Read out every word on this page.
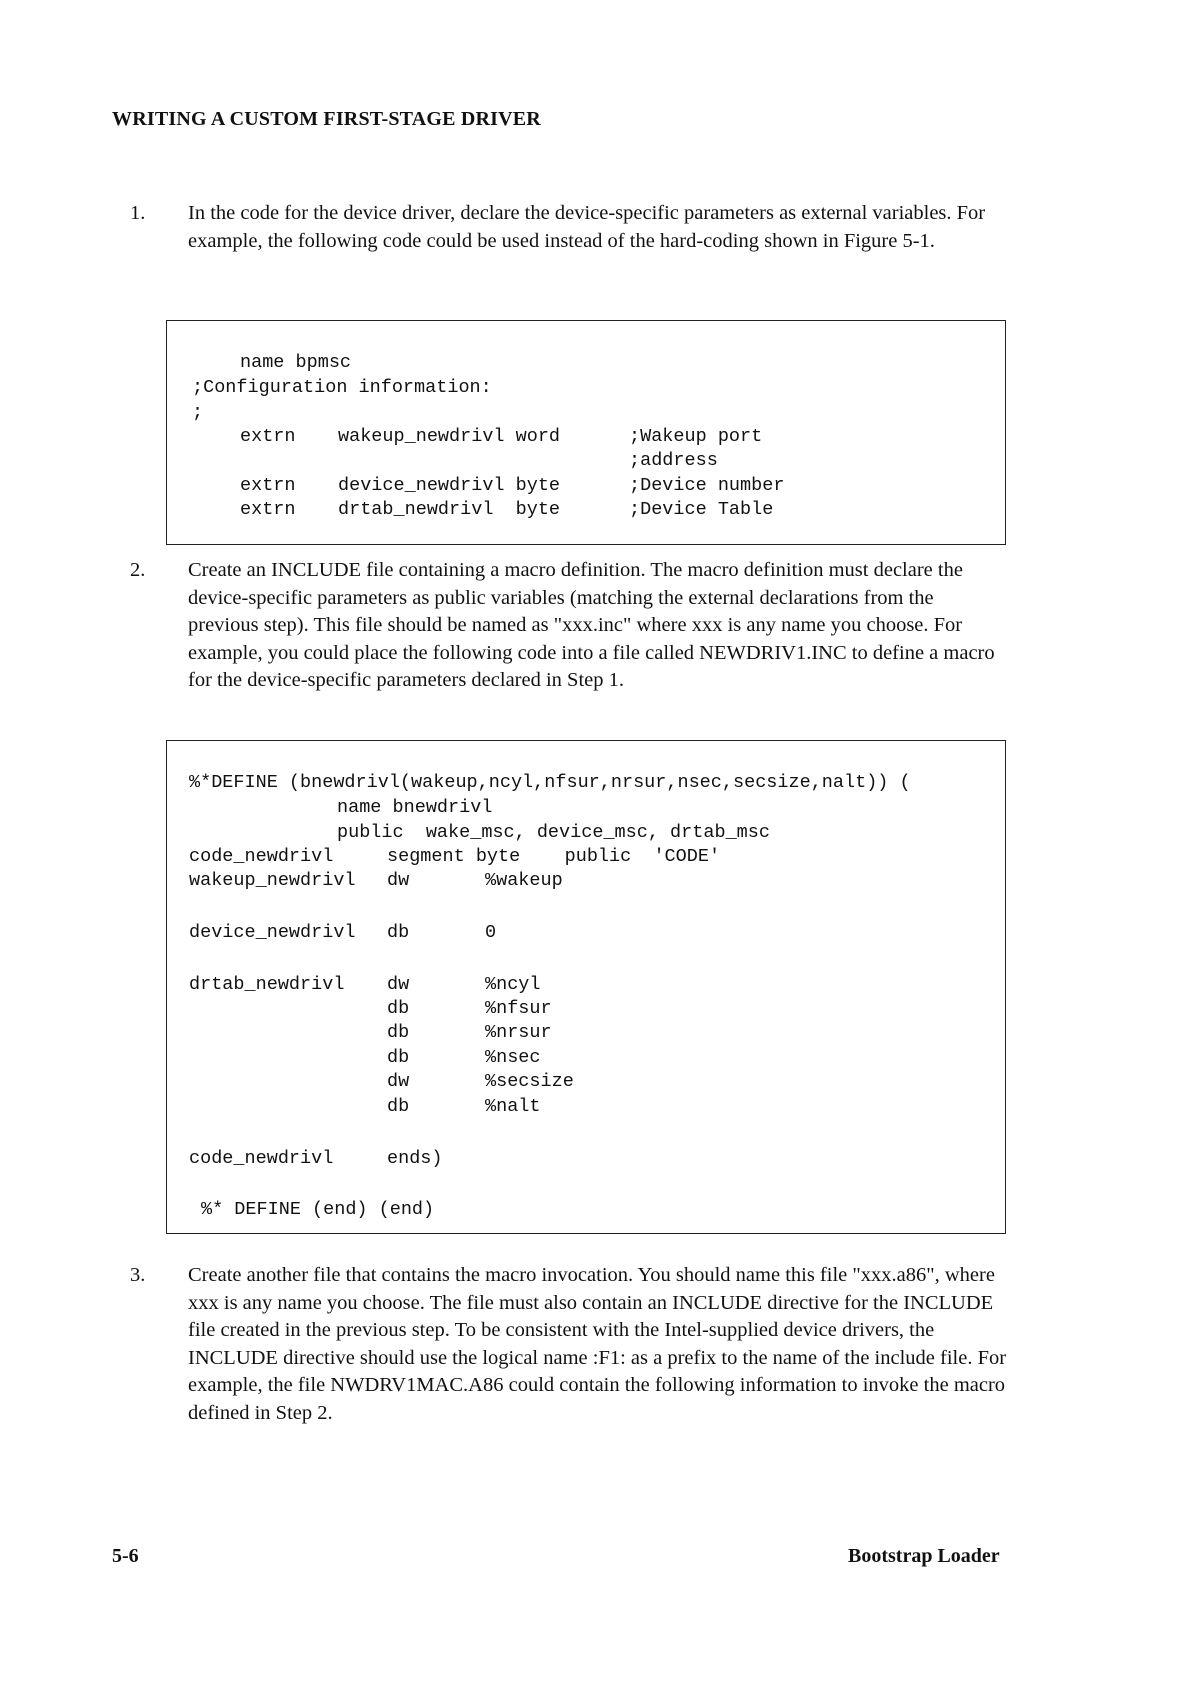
WRITING A CUSTOM FIRST-STAGE DRIVER
1. In the code for the device driver, declare the device-specific parameters as external variables. For example, the following code could be used instead of the hard-coding shown in Figure 5-1.
name bpmsc
;Configuration information:
;
extrn wakeup_newdrivl word	;Wakeup port
;address
extrn device_newdrivl byte	;Device number
extrn drtab_newdrivl  byte	;Device Table
2. Create an INCLUDE file containing a macro definition. The macro definition must declare the device-specific parameters as public variables (matching the external declarations from the previous step). This file should be named as "xxx.inc" where xxx is any name you choose. For example, you could place the following code into a file called NEWDRIV1.INC to define a macro for the device-specific parameters declared in Step 1.
%*DEFINE (bnewdrivl(wakeup,ncyl,nfsur,nrsur,nsec,secsize,nalt)) (
name bnewdrivl
public  wake_msc, device_msc, drtab_msc
code_newdrivl	segment byte    public  'CODE'
wakeup_newdrivl dw	%wakeup
device_newdrivl db	0
drtab_newdrivl dw	%ncyl
db	%nfsur
db	%nrsur
db	%nsec
dw	%secsize
db	%nalt
code_newdrivl	ends)
%* DEFINE (end) (end)
3. Create another file that contains the macro invocation. You should name this file "xxx.a86", where xxx is any name you choose. The file must also contain an INCLUDE directive for the INCLUDE file created in the previous step. To be consistent with the Intel-supplied device drivers, the INCLUDE directive should use the logical name :F1: as a prefix to the name of the include file. For example, the file NWDRV1MAC.A86 could contain the following information to invoke the macro defined in Step 2.
5-6	Bootstrap Loader
